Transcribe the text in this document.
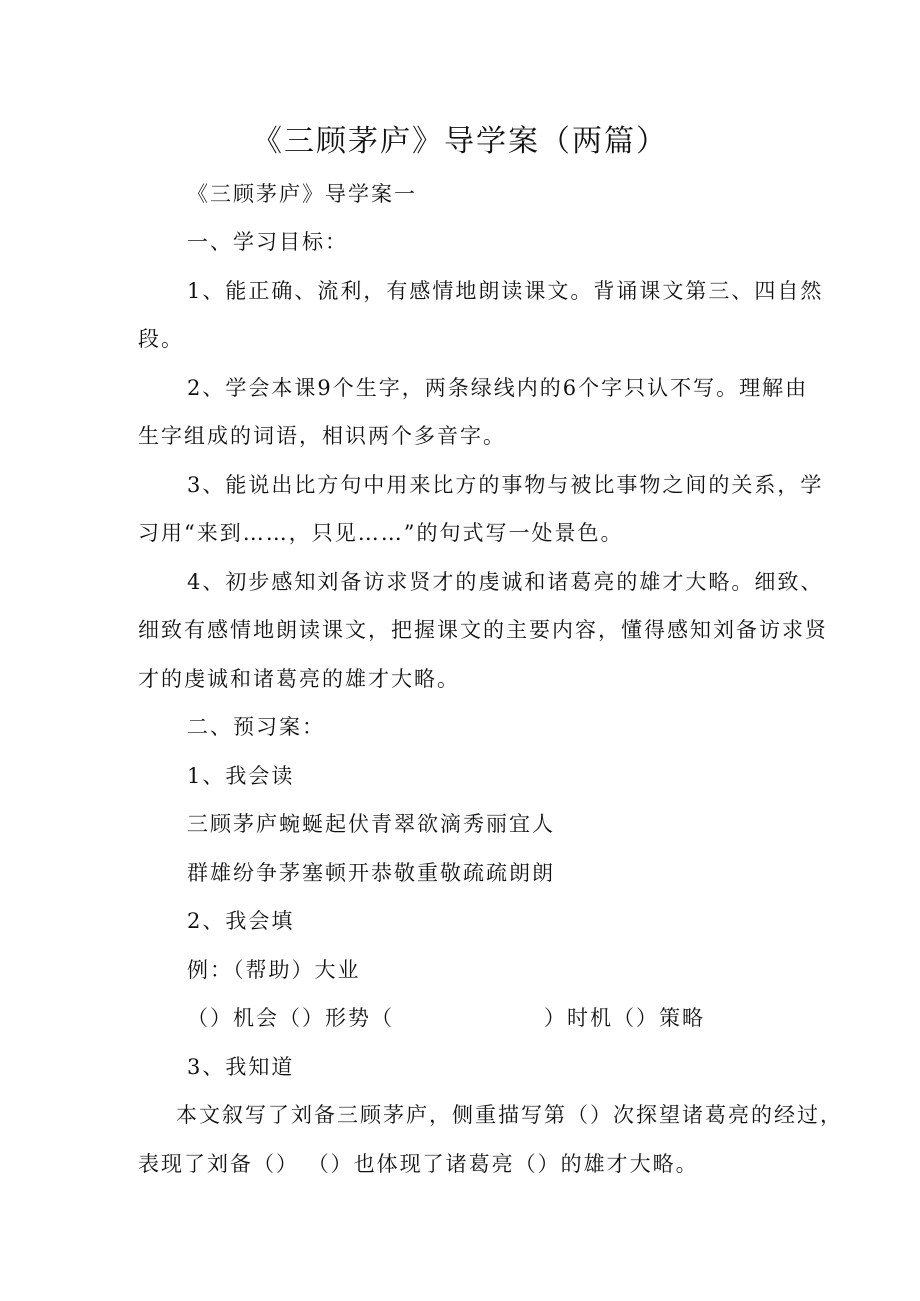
《三顾茅庐》导学案（两篇）
《三顾茅庐》导学案一
一、学习目标：
1、能正确、流利，有感情地朗读课文。背诵课文第三、四自然
段。
2、学会本课9个生字，两条绿线内的6个字只认不写。理解由
生字组成的词语，相识两个多音字。
3、能说出比方句中用来比方的事物与被比事物之间的关系，学
习用“来到……，只见……”的句式写一处景色。
4、初步感知刘备访求贤才的虔诚和诸葛亮的雄才大略。细致、
细致有感情地朗读课文，把握课文的主要内容，懂得感知刘备访求贤
才的虔诚和诸葛亮的雄才大略。
二、预习案：
1、我会读
三顾茅庐蜿蜒起伏青翠欲滴秀丽宜人
群雄纷争茅塞顿开恭敬重敬疏疏朗朗
2、我会填
例：（帮助）大业
（）机会（）形势（	）时机（）策略
3、我知道
本文叙写了刘备三顾茅庐，侧重描写第（）次探望诸葛亮的经过，
表现了刘备（） （）也体现了诸葛亮（）的雄才大略。
